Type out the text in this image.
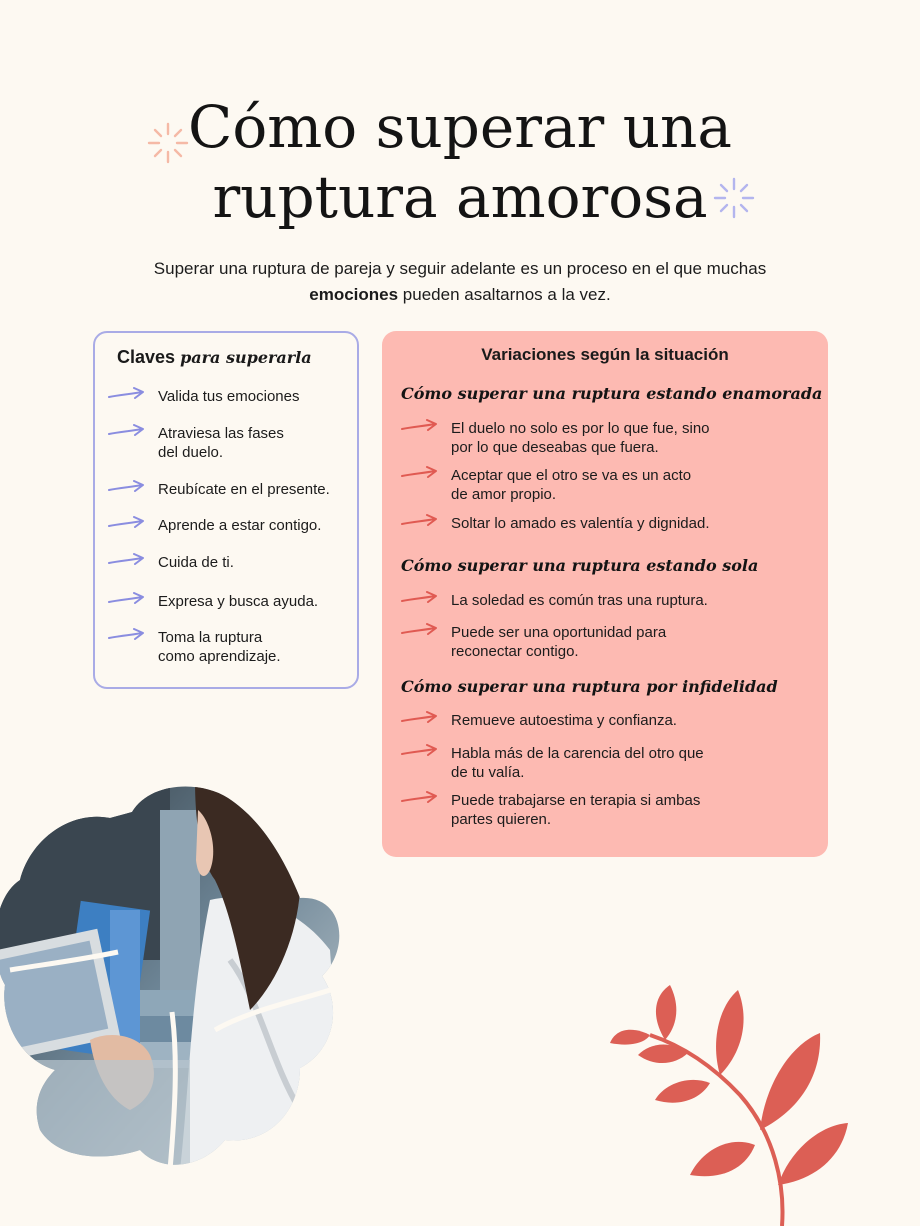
Cómo superar una
ruptura amorosa

Superar una ruptura de pareja y seguir adelante es un proceso en el que muchas emociones pueden asaltarnos a la vez.

Claves para superarla

Valida tus emociones
Atraviesa las fases
del duelo.
Reubícate en el presente.
Aprende a estar contigo.
Cuida de ti.
Expresa y busca ayuda.
Toma la ruptura
como aprendizaje.

Variaciones según la situación

Cómo superar una ruptura estando enamorada

El duelo no solo es por lo que fue, sino
por lo que deseabas que fuera.
Aceptar que el otro se va es un acto
de amor propio.
Soltar lo amado es valentía y dignidad.

Cómo superar una ruptura estando sola

La soledad es común tras una ruptura.
Puede ser una oportunidad para
reconectar contigo.

Cómo superar una ruptura por infidelidad

Remueve autoestima y confianza.
Habla más de la carencia del otro que
de tu valía.
Puede trabajarse en terapia si ambas
partes quieren.
